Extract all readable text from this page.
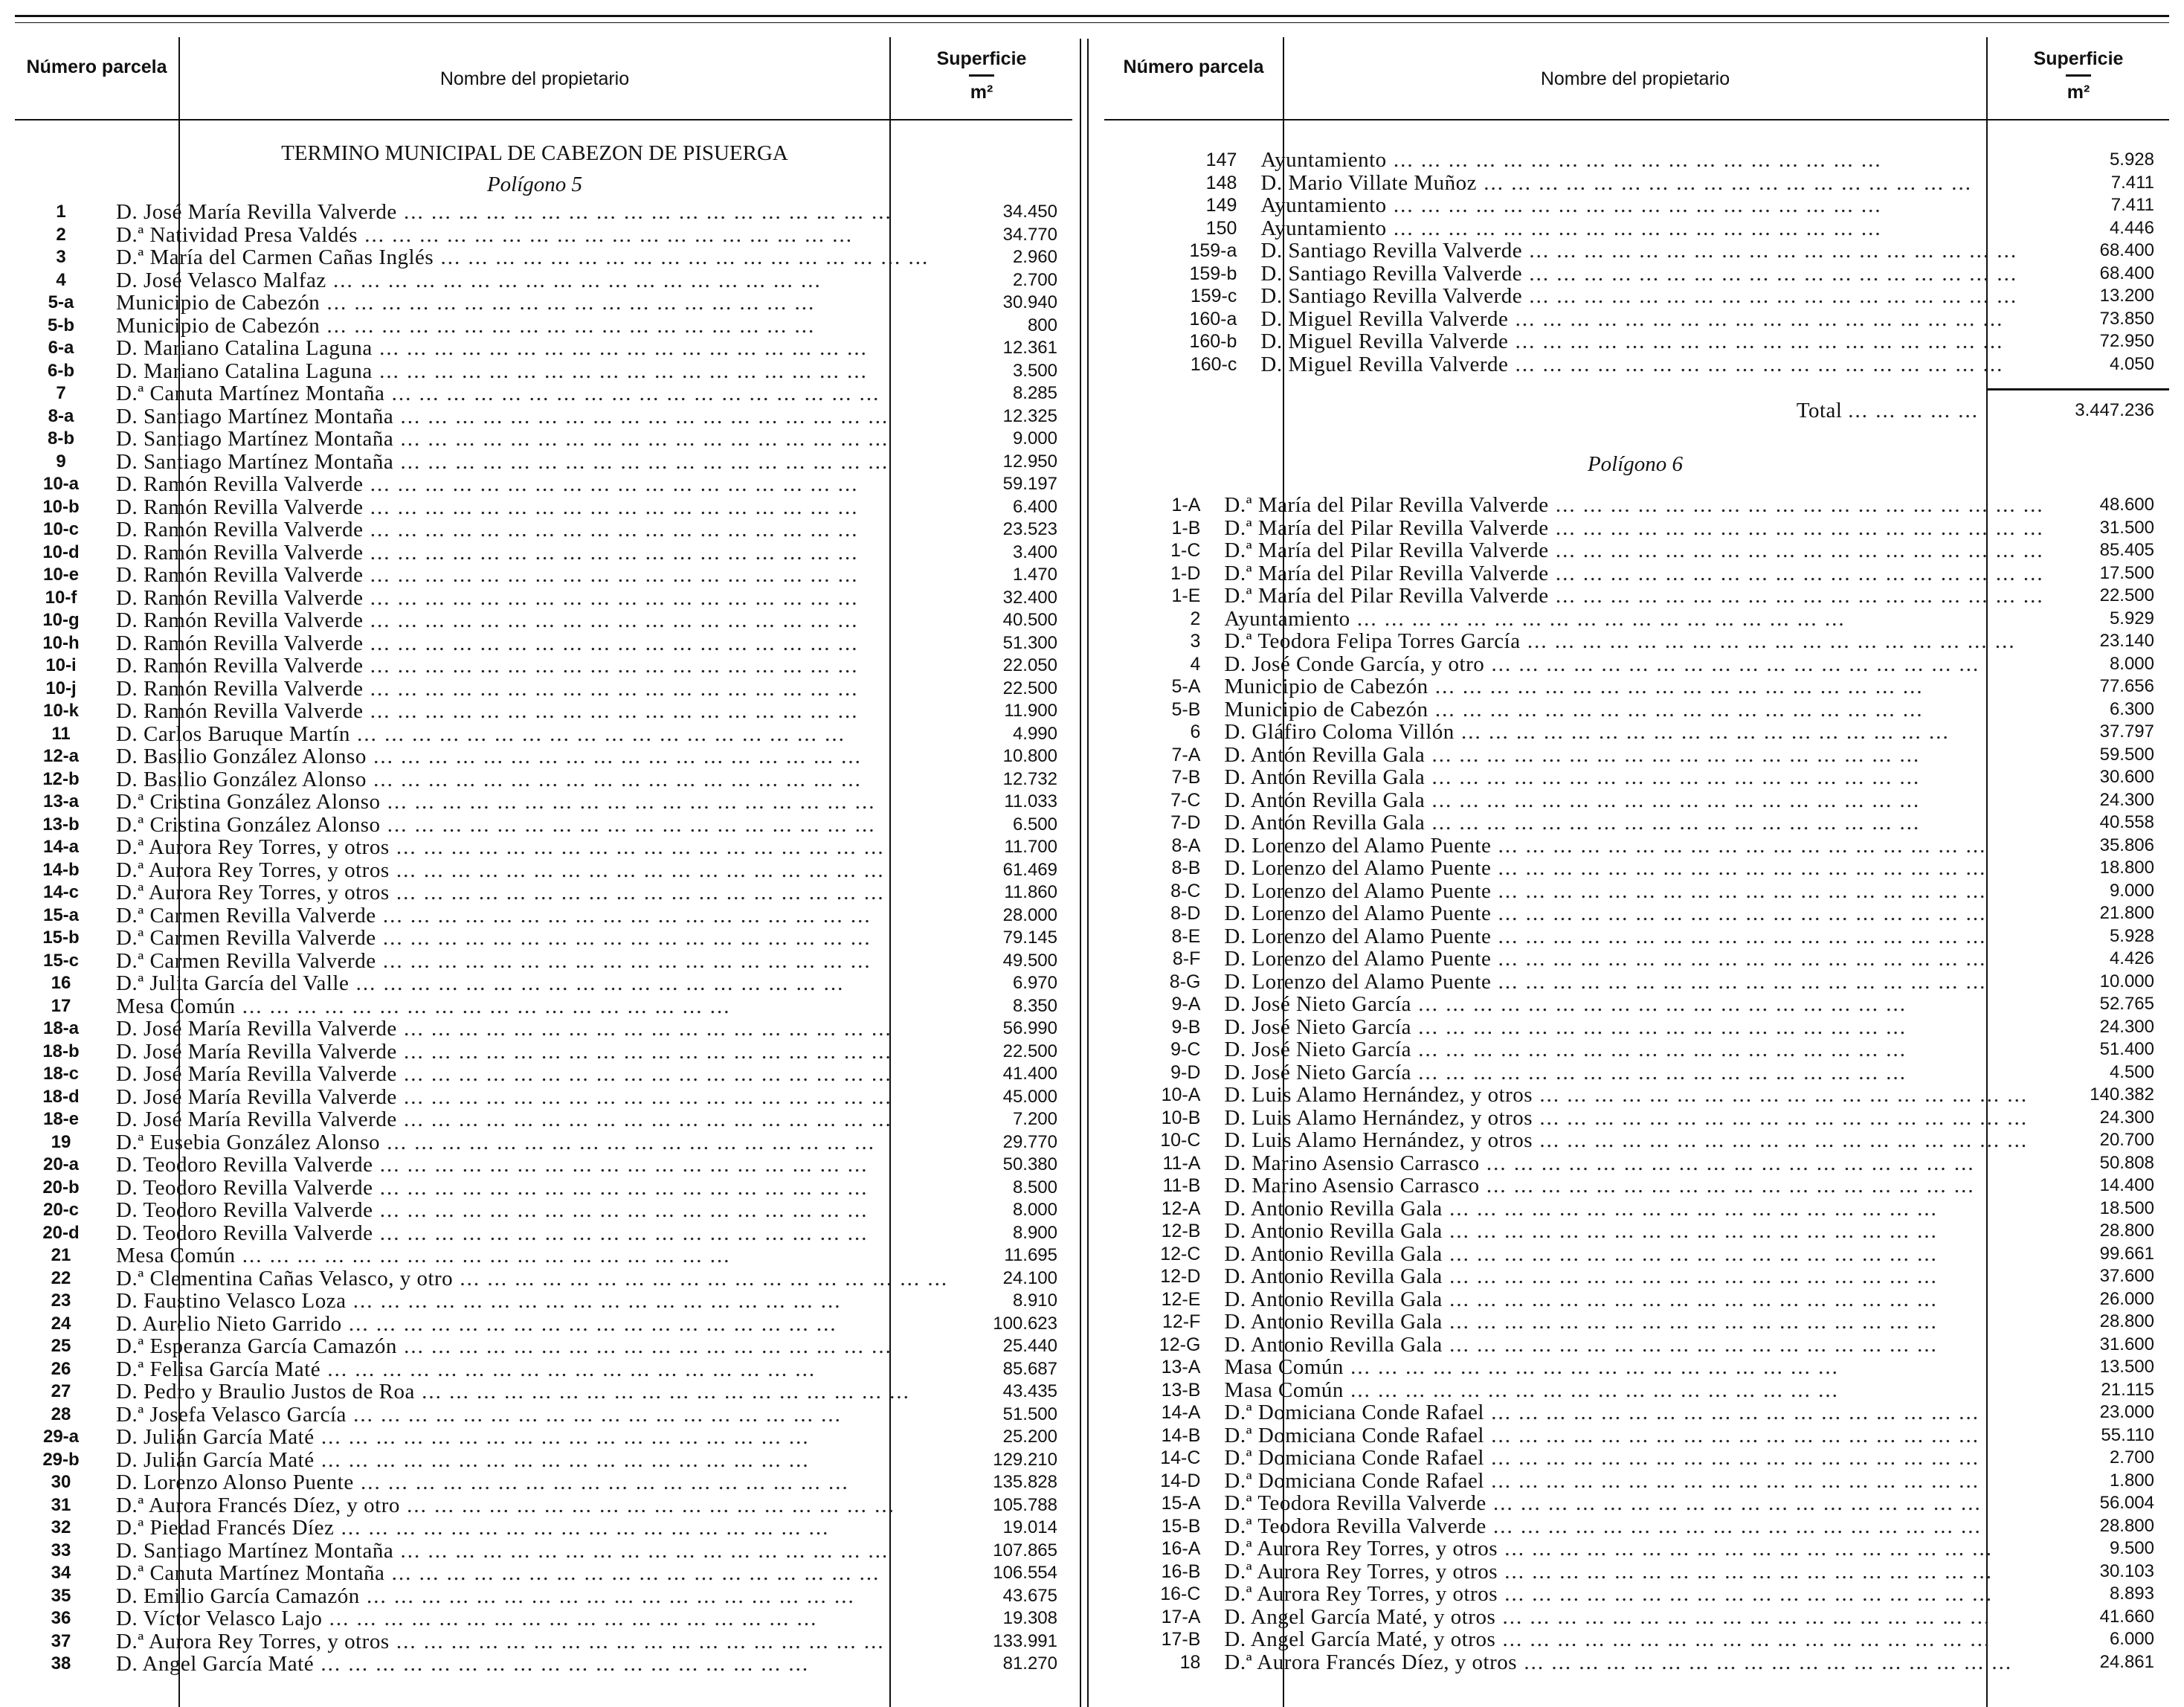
Número parcela
Nombre del propietario
Superficie
m²
TERMINO MUNICIPAL DE CABEZON DE PISUERGA
Polígono 5
1	D. José María Revilla Valverde ... ... ... ... ... ... ... ... ... ... ... ... ... ... ... ... ... ...	34.450
2	D.ª Natividad Presa Valdés ... ... ... ... ... ... ... ... ... ... ... ... ... ... ... ... ... ...	34.770
3	D.ª María del Carmen Cañas Inglés ... ... ... ... ... ... ... ... ... ... ... ... ... ... ... ... ... ...	2.960
4	D. José Velasco Malfaz ... ... ... ... ... ... ... ... ... ... ... ... ... ... ... ... ... ...	2.700
5-a	Municipio de Cabezón ... ... ... ... ... ... ... ... ... ... ... ... ... ... ... ... ... ...	30.940
5-b	Municipio de Cabezón ... ... ... ... ... ... ... ... ... ... ... ... ... ... ... ... ... ...	800
6-a	D. Mariano Catalina Laguna ... ... ... ... ... ... ... ... ... ... ... ... ... ... ... ... ... ...	12.361
6-b	D. Mariano Catalina Laguna ... ... ... ... ... ... ... ... ... ... ... ... ... ... ... ... ... ...	3.500
7	D.ª Canuta Martínez Montaña ... ... ... ... ... ... ... ... ... ... ... ... ... ... ... ... ... ...	8.285
8-a	D. Santiago Martínez Montaña ... ... ... ... ... ... ... ... ... ... ... ... ... ... ... ... ... ...	12.325
8-b	D. Santiago Martínez Montaña ... ... ... ... ... ... ... ... ... ... ... ... ... ... ... ... ... ...	9.000
9	D. Santiago Martínez Montaña ... ... ... ... ... ... ... ... ... ... ... ... ... ... ... ... ... ...	12.950
10-a	D. Ramón Revilla Valverde ... ... ... ... ... ... ... ... ... ... ... ... ... ... ... ... ... ...	59.197
10-b	D. Ramón Revilla Valverde ... ... ... ... ... ... ... ... ... ... ... ... ... ... ... ... ... ...	6.400
10-c	D. Ramón Revilla Valverde ... ... ... ... ... ... ... ... ... ... ... ... ... ... ... ... ... ...	23.523
10-d	D. Ramón Revilla Valverde ... ... ... ... ... ... ... ... ... ... ... ... ... ... ... ... ... ...	3.400
10-e	D. Ramón Revilla Valverde ... ... ... ... ... ... ... ... ... ... ... ... ... ... ... ... ... ...	1.470
10-f	D. Ramón Revilla Valverde ... ... ... ... ... ... ... ... ... ... ... ... ... ... ... ... ... ...	32.400
10-g	D. Ramón Revilla Valverde ... ... ... ... ... ... ... ... ... ... ... ... ... ... ... ... ... ...	40.500
10-h	D. Ramón Revilla Valverde ... ... ... ... ... ... ... ... ... ... ... ... ... ... ... ... ... ...	51.300
10-i	D. Ramón Revilla Valverde ... ... ... ... ... ... ... ... ... ... ... ... ... ... ... ... ... ...	22.050
10-j	D. Ramón Revilla Valverde ... ... ... ... ... ... ... ... ... ... ... ... ... ... ... ... ... ...	22.500
10-k	D. Ramón Revilla Valverde ... ... ... ... ... ... ... ... ... ... ... ... ... ... ... ... ... ...	11.900
11	D. Carlos Baruque Martín ... ... ... ... ... ... ... ... ... ... ... ... ... ... ... ... ... ...	4.990
12-a	D. Basilio González Alonso ... ... ... ... ... ... ... ... ... ... ... ... ... ... ... ... ... ...	10.800
12-b	D. Basilio González Alonso ... ... ... ... ... ... ... ... ... ... ... ... ... ... ... ... ... ...	12.732
13-a	D.ª Cristina González Alonso ... ... ... ... ... ... ... ... ... ... ... ... ... ... ... ... ... ...	11.033
13-b	D.ª Cristina González Alonso ... ... ... ... ... ... ... ... ... ... ... ... ... ... ... ... ... ...	6.500
14-a	D.ª Aurora Rey Torres, y otros ... ... ... ... ... ... ... ... ... ... ... ... ... ... ... ... ... ...	11.700
14-b	D.ª Aurora Rey Torres, y otros ... ... ... ... ... ... ... ... ... ... ... ... ... ... ... ... ... ...	61.469
14-c	D.ª Aurora Rey Torres, y otros ... ... ... ... ... ... ... ... ... ... ... ... ... ... ... ... ... ...	11.860
15-a	D.ª Carmen Revilla Valverde ... ... ... ... ... ... ... ... ... ... ... ... ... ... ... ... ... ...	28.000
15-b	D.ª Carmen Revilla Valverde ... ... ... ... ... ... ... ... ... ... ... ... ... ... ... ... ... ...	79.145
15-c	D.ª Carmen Revilla Valverde ... ... ... ... ... ... ... ... ... ... ... ... ... ... ... ... ... ...	49.500
16	D.ª Julita García del Valle ... ... ... ... ... ... ... ... ... ... ... ... ... ... ... ... ... ...	6.970
17	Mesa Común ... ... ... ... ... ... ... ... ... ... ... ... ... ... ... ... ... ...	8.350
18-a	D. José María Revilla Valverde ... ... ... ... ... ... ... ... ... ... ... ... ... ... ... ... ... ...	56.990
18-b	D. José María Revilla Valverde ... ... ... ... ... ... ... ... ... ... ... ... ... ... ... ... ... ...	22.500
18-c	D. José María Revilla Valverde ... ... ... ... ... ... ... ... ... ... ... ... ... ... ... ... ... ...	41.400
18-d	D. José María Revilla Valverde ... ... ... ... ... ... ... ... ... ... ... ... ... ... ... ... ... ...	45.000
18-e	D. José María Revilla Valverde ... ... ... ... ... ... ... ... ... ... ... ... ... ... ... ... ... ...	7.200
19	D.ª Eusebia González Alonso ... ... ... ... ... ... ... ... ... ... ... ... ... ... ... ... ... ...	29.770
20-a	D. Teodoro Revilla Valverde ... ... ... ... ... ... ... ... ... ... ... ... ... ... ... ... ... ...	50.380
20-b	D. Teodoro Revilla Valverde ... ... ... ... ... ... ... ... ... ... ... ... ... ... ... ... ... ...	8.500
20-c	D. Teodoro Revilla Valverde ... ... ... ... ... ... ... ... ... ... ... ... ... ... ... ... ... ...	8.000
20-d	D. Teodoro Revilla Valverde ... ... ... ... ... ... ... ... ... ... ... ... ... ... ... ... ... ...	8.900
21	Mesa Común ... ... ... ... ... ... ... ... ... ... ... ... ... ... ... ... ... ...	11.695
22	D.ª Clementina Cañas Velasco, y otro ... ... ... ... ... ... ... ... ... ... ... ... ... ... ... ... ... ...	24.100
23	D. Faustino Velasco Loza ... ... ... ... ... ... ... ... ... ... ... ... ... ... ... ... ... ...	8.910
24	D. Aurelio Nieto Garrido ... ... ... ... ... ... ... ... ... ... ... ... ... ... ... ... ... ...	100.623
25	D.ª Esperanza García Camazón ... ... ... ... ... ... ... ... ... ... ... ... ... ... ... ... ... ...	25.440
26	D.ª Felisa García Maté ... ... ... ... ... ... ... ... ... ... ... ... ... ... ... ... ... ...	85.687
27	D. Pedro y Braulio Justos de Roa ... ... ... ... ... ... ... ... ... ... ... ... ... ... ... ... ... ...	43.435
28	D.ª Josefa Velasco García ... ... ... ... ... ... ... ... ... ... ... ... ... ... ... ... ... ...	51.500
29-a	D. Julián García Maté ... ... ... ... ... ... ... ... ... ... ... ... ... ... ... ... ... ...	25.200
29-b	D. Julián García Maté ... ... ... ... ... ... ... ... ... ... ... ... ... ... ... ... ... ...	129.210
30	D. Lorenzo Alonso Puente ... ... ... ... ... ... ... ... ... ... ... ... ... ... ... ... ... ...	135.828
31	D.ª Aurora Francés Díez, y otro ... ... ... ... ... ... ... ... ... ... ... ... ... ... ... ... ... ...	105.788
32	D.ª Piedad Francés Díez ... ... ... ... ... ... ... ... ... ... ... ... ... ... ... ... ... ...	19.014
33	D. Santiago Martínez Montaña ... ... ... ... ... ... ... ... ... ... ... ... ... ... ... ... ... ...	107.865
34	D.ª Canuta Martínez Montaña ... ... ... ... ... ... ... ... ... ... ... ... ... ... ... ... ... ...	106.554
35	D. Emilio García Camazón ... ... ... ... ... ... ... ... ... ... ... ... ... ... ... ... ... ...	43.675
36	D. Víctor Velasco Lajo ... ... ... ... ... ... ... ... ... ... ... ... ... ... ... ... ... ...	19.308
37	D.ª Aurora Rey Torres, y otros ... ... ... ... ... ... ... ... ... ... ... ... ... ... ... ... ... ...	133.991
38	D. Angel García Maté ... ... ... ... ... ... ... ... ... ... ... ... ... ... ... ... ... ...	81.270
Número parcela
Nombre del propietario
Superficie
m²
147	Ayuntamiento ... ... ... ... ... ... ... ... ... ... ... ... ... ... ... ... ... ...	5.928
148	D. Mario Villate Muñoz ... ... ... ... ... ... ... ... ... ... ... ... ... ... ... ... ... ...	7.411
149	Ayuntamiento ... ... ... ... ... ... ... ... ... ... ... ... ... ... ... ... ... ...	7.411
150	Ayuntamiento ... ... ... ... ... ... ... ... ... ... ... ... ... ... ... ... ... ...	4.446
159-a	D. Santiago Revilla Valverde ... ... ... ... ... ... ... ... ... ... ... ... ... ... ... ... ... ...	68.400
159-b	D. Santiago Revilla Valverde ... ... ... ... ... ... ... ... ... ... ... ... ... ... ... ... ... ...	68.400
159-c	D. Santiago Revilla Valverde ... ... ... ... ... ... ... ... ... ... ... ... ... ... ... ... ... ...	13.200
160-a	D. Miguel Revilla Valverde ... ... ... ... ... ... ... ... ... ... ... ... ... ... ... ... ... ...	73.850
160-b	D. Miguel Revilla Valverde ... ... ... ... ... ... ... ... ... ... ... ... ... ... ... ... ... ...	72.950
160-c	D. Miguel Revilla Valverde ... ... ... ... ... ... ... ... ... ... ... ... ... ... ... ... ... ...	4.050
	Total ... ... ... ... ...	3.447.236
Polígono 6
1-A	D.ª María del Pilar Revilla Valverde ... ... ... ... ... ... ... ... ... ... ... ... ... ... ... ... ... ...	48.600
1-B	D.ª María del Pilar Revilla Valverde ... ... ... ... ... ... ... ... ... ... ... ... ... ... ... ... ... ...	31.500
1-C	D.ª María del Pilar Revilla Valverde ... ... ... ... ... ... ... ... ... ... ... ... ... ... ... ... ... ...	85.405
1-D	D.ª María del Pilar Revilla Valverde ... ... ... ... ... ... ... ... ... ... ... ... ... ... ... ... ... ...	17.500
1-E	D.ª María del Pilar Revilla Valverde ... ... ... ... ... ... ... ... ... ... ... ... ... ... ... ... ... ...	22.500
2	Ayuntamiento ... ... ... ... ... ... ... ... ... ... ... ... ... ... ... ... ... ...	5.929
3	D.ª Teodora Felipa Torres García ... ... ... ... ... ... ... ... ... ... ... ... ... ... ... ... ... ...	23.140
4	D. José Conde García, y otro ... ... ... ... ... ... ... ... ... ... ... ... ... ... ... ... ... ...	8.000
5-A	Municipio de Cabezón ... ... ... ... ... ... ... ... ... ... ... ... ... ... ... ... ... ...	77.656
5-B	Municipio de Cabezón ... ... ... ... ... ... ... ... ... ... ... ... ... ... ... ... ... ...	6.300
6	D. Gláfiro Coloma Villón ... ... ... ... ... ... ... ... ... ... ... ... ... ... ... ... ... ...	37.797
7-A	D. Antón Revilla Gala ... ... ... ... ... ... ... ... ... ... ... ... ... ... ... ... ... ...	59.500
7-B	D. Antón Revilla Gala ... ... ... ... ... ... ... ... ... ... ... ... ... ... ... ... ... ...	30.600
7-C	D. Antón Revilla Gala ... ... ... ... ... ... ... ... ... ... ... ... ... ... ... ... ... ...	24.300
7-D	D. Antón Revilla Gala ... ... ... ... ... ... ... ... ... ... ... ... ... ... ... ... ... ...	40.558
8-A	D. Lorenzo del Alamo Puente ... ... ... ... ... ... ... ... ... ... ... ... ... ... ... ... ... ...	35.806
8-B	D. Lorenzo del Alamo Puente ... ... ... ... ... ... ... ... ... ... ... ... ... ... ... ... ... ...	18.800
8-C	D. Lorenzo del Alamo Puente ... ... ... ... ... ... ... ... ... ... ... ... ... ... ... ... ... ...	9.000
8-D	D. Lorenzo del Alamo Puente ... ... ... ... ... ... ... ... ... ... ... ... ... ... ... ... ... ...	21.800
8-E	D. Lorenzo del Alamo Puente ... ... ... ... ... ... ... ... ... ... ... ... ... ... ... ... ... ...	5.928
8-F	D. Lorenzo del Alamo Puente ... ... ... ... ... ... ... ... ... ... ... ... ... ... ... ... ... ...	4.426
8-G	D. Lorenzo del Alamo Puente ... ... ... ... ... ... ... ... ... ... ... ... ... ... ... ... ... ...	10.000
9-A	D. José Nieto García ... ... ... ... ... ... ... ... ... ... ... ... ... ... ... ... ... ...	52.765
9-B	D. José Nieto García ... ... ... ... ... ... ... ... ... ... ... ... ... ... ... ... ... ...	24.300
9-C	D. José Nieto García ... ... ... ... ... ... ... ... ... ... ... ... ... ... ... ... ... ...	51.400
9-D	D. José Nieto García ... ... ... ... ... ... ... ... ... ... ... ... ... ... ... ... ... ...	4.500
10-A	D. Luis Alamo Hernández, y otros ... ... ... ... ... ... ... ... ... ... ... ... ... ... ... ... ... ...	140.382
10-B	D. Luis Alamo Hernández, y otros ... ... ... ... ... ... ... ... ... ... ... ... ... ... ... ... ... ...	24.300
10-C	D. Luis Alamo Hernández, y otros ... ... ... ... ... ... ... ... ... ... ... ... ... ... ... ... ... ...	20.700
11-A	D. Marino Asensio Carrasco ... ... ... ... ... ... ... ... ... ... ... ... ... ... ... ... ... ...	50.808
11-B	D. Marino Asensio Carrasco ... ... ... ... ... ... ... ... ... ... ... ... ... ... ... ... ... ...	14.400
12-A	D. Antonio Revilla Gala ... ... ... ... ... ... ... ... ... ... ... ... ... ... ... ... ... ...	18.500
12-B	D. Antonio Revilla Gala ... ... ... ... ... ... ... ... ... ... ... ... ... ... ... ... ... ...	28.800
12-C	D. Antonio Revilla Gala ... ... ... ... ... ... ... ... ... ... ... ... ... ... ... ... ... ...	99.661
12-D	D. Antonio Revilla Gala ... ... ... ... ... ... ... ... ... ... ... ... ... ... ... ... ... ...	37.600
12-E	D. Antonio Revilla Gala ... ... ... ... ... ... ... ... ... ... ... ... ... ... ... ... ... ...	26.000
12-F	D. Antonio Revilla Gala ... ... ... ... ... ... ... ... ... ... ... ... ... ... ... ... ... ...	28.800
12-G	D. Antonio Revilla Gala ... ... ... ... ... ... ... ... ... ... ... ... ... ... ... ... ... ...	31.600
13-A	Masa Común ... ... ... ... ... ... ... ... ... ... ... ... ... ... ... ... ... ...	13.500
13-B	Masa Común ... ... ... ... ... ... ... ... ... ... ... ... ... ... ... ... ... ...	21.115
14-A	D.ª Domiciana Conde Rafael ... ... ... ... ... ... ... ... ... ... ... ... ... ... ... ... ... ...	23.000
14-B	D.ª Domiciana Conde Rafael ... ... ... ... ... ... ... ... ... ... ... ... ... ... ... ... ... ...	55.110
14-C	D.ª Domiciana Conde Rafael ... ... ... ... ... ... ... ... ... ... ... ... ... ... ... ... ... ...	2.700
14-D	D.ª Domiciana Conde Rafael ... ... ... ... ... ... ... ... ... ... ... ... ... ... ... ... ... ...	1.800
15-A	D.ª Teodora Revilla Valverde ... ... ... ... ... ... ... ... ... ... ... ... ... ... ... ... ... ...	56.004
15-B	D.ª Teodora Revilla Valverde ... ... ... ... ... ... ... ... ... ... ... ... ... ... ... ... ... ...	28.800
16-A	D.ª Aurora Rey Torres, y otros ... ... ... ... ... ... ... ... ... ... ... ... ... ... ... ... ... ...	9.500
16-B	D.ª Aurora Rey Torres, y otros ... ... ... ... ... ... ... ... ... ... ... ... ... ... ... ... ... ...	30.103
16-C	D.ª Aurora Rey Torres, y otros ... ... ... ... ... ... ... ... ... ... ... ... ... ... ... ... ... ...	8.893
17-A	D. Angel García Maté, y otros ... ... ... ... ... ... ... ... ... ... ... ... ... ... ... ... ... ...	41.660
17-B	D. Angel García Maté, y otros ... ... ... ... ... ... ... ... ... ... ... ... ... ... ... ... ... ...	6.000
18	D.ª Aurora Francés Díez, y otros ... ... ... ... ... ... ... ... ... ... ... ... ... ... ... ... ... ...	24.861
